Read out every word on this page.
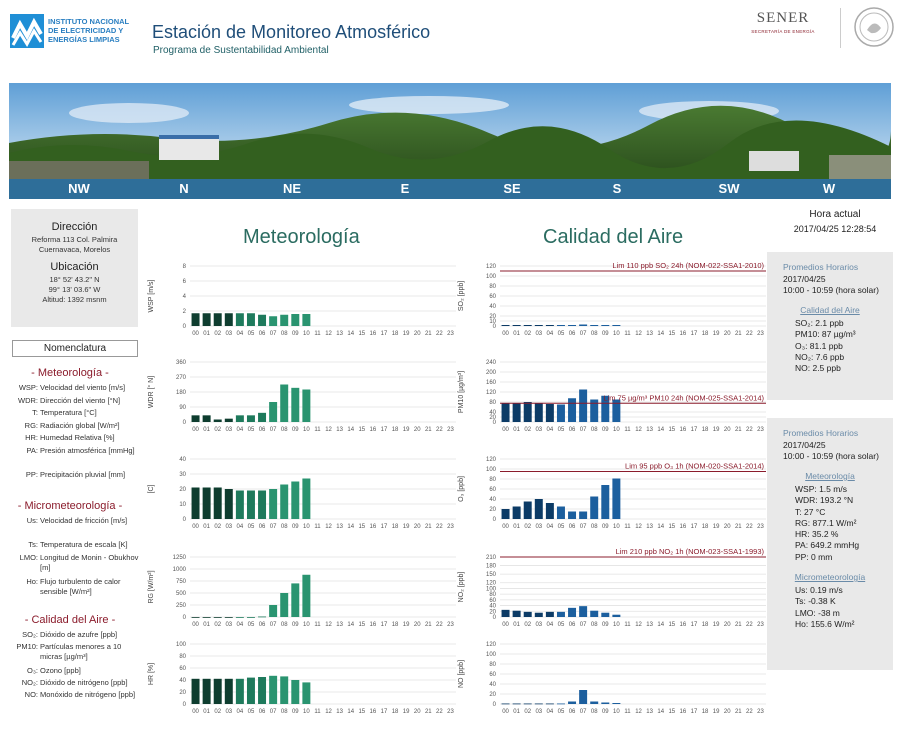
INSTITUTO NACIONAL DE ELECTRICIDAD Y ENERGÍAS LIMPIAS	Estación de Monitoreo Atmosférico
Programa de Sustentabilidad Ambiental
SENER
SECRETARÍA DE ENERGÍA
NW	N	NE	E	SE	S	SW	W
Dirección
Reforma 113 Col. Palmira
Cuernavaca, Morelos
Ubicación
18° 52' 43.2" N
99° 13' 03.6" W
Altitud: 1392 msnm
Nomenclatura
- Meteorología -
WSP: Velocidad del viento [m/s]
WDR: Dirección del viento [°N]
T: Temperatura [°C]
RG: Radiación global [W/m²]
HR: Humedad Relativa [%]
PA: Presión atmosférica [mmHg]
PP: Precipitación pluvial [mm]
- Micrometeorología -
Us: Velocidad de fricción [m/s]
Ts: Temperatura de escala [K]
LMO: Longitud de Monin - Obukhov [m]
Ho: Flujo turbulento de calor sensible [W/m²]
- Calidad del Aire -
SO₂: Dióxido de azufre [ppb]
PM10: Partículas menores a 10 micras [µg/m³]
O₃: Ozono [ppb]
NO₂: Dióxido de nitrógeno [ppb]
NO: Monóxido de nitrógeno [ppb]
Meteorología	Calidad del Aire
0
2
4
6
8
WSP [m/s]
00 01 02 03 04 05 06 07 08 09 10 11 12 13 14 15 16 17 18 19 20 21 22 23
0
90
180
270
360
WDR [° N]
00 01 02 03 04 05 06 07 08 09 10 11 12 13 14 15 16 17 18 19 20 21 22 23
0
10
20
30
40
[C]
00 01 02 03 04 05 06 07 08 09 10 11 12 13 14 15 16 17 18 19 20 21 22 23
0
250
500
750
1000
1250
RG [W/m²]
00 01 02 03 04 05 06 07 08 09 10 11 12 13 14 15 16 17 18 19 20 21 22 23
0
20
40
60
80
100
HR [%]
00 01 02 03 04 05 06 07 08 09 10 11 12 13 14 15 16 17 18 19 20 21 22 23
0
10
20
40
60
80
100
120
SO₂ [ppb]
00 01 02 03 04 05 06 07 08 09 10 11 12 13 14 15 16 17 18 19 20 21 22 23
Lim 110 ppb SO₂ 24h (NOM-022-SSA1-2010)
0
20
40
80
120
160
200
240
PM10 [µg/m³]
00 01 02 03 04 05 06 07 08 09 10 11 12 13 14 15 16 17 18 19 20 21 22 23
Lim 75 µg/m³ PM10 24h (NOM-025-SSA1-2014)
0
20
40
60
80
100
120
O₃ [ppb]
00 01 02 03 04 05 06 07 08 09 10 11 12 13 14 15 16 17 18 19 20 21 22 23
Lim 95 ppb O₃ 1h (NOM-020-SSA1-2014)
0
20
40
60
80
100
120
150
180
210
NO₂ [ppb]
00 01 02 03 04 05 06 07 08 09 10 11 12 13 14 15 16 17 18 19 20 21 22 23
Lim 210 ppb NO₂ 1h (NOM-023-SSA1-1993)
0
20
40
60
80
100
120
NO [ppb]
00 01 02 03 04 05 06 07 08 09 10 11 12 13 14 15 16 17 18 19 20 21 22 23
Hora actual
2017/04/25 12:28:54
Promedios Horarios
2017/04/25
10:00 - 10:59 (hora solar)
Calidad del Aire
SO₂: 2.1 ppb
PM10: 87 µg/m³
O₃: 81.1 ppb
NO₂: 7.6 ppb
NO: 2.5 ppb
Promedios Horarios
2017/04/25
10:00 - 10:59 (hora solar)
Meteorología
WSP: 1.5 m/s
WDR: 193.2 °N
T: 27 °C
RG: 877.1 W/m²
HR: 35.2 %
PA: 649.2 mmHg
PP: 0 mm
Micrometeorología
Us: 0.19 m/s
Ts: -0.38 K
LMO: -38 m
Ho: 155.6 W/m²
